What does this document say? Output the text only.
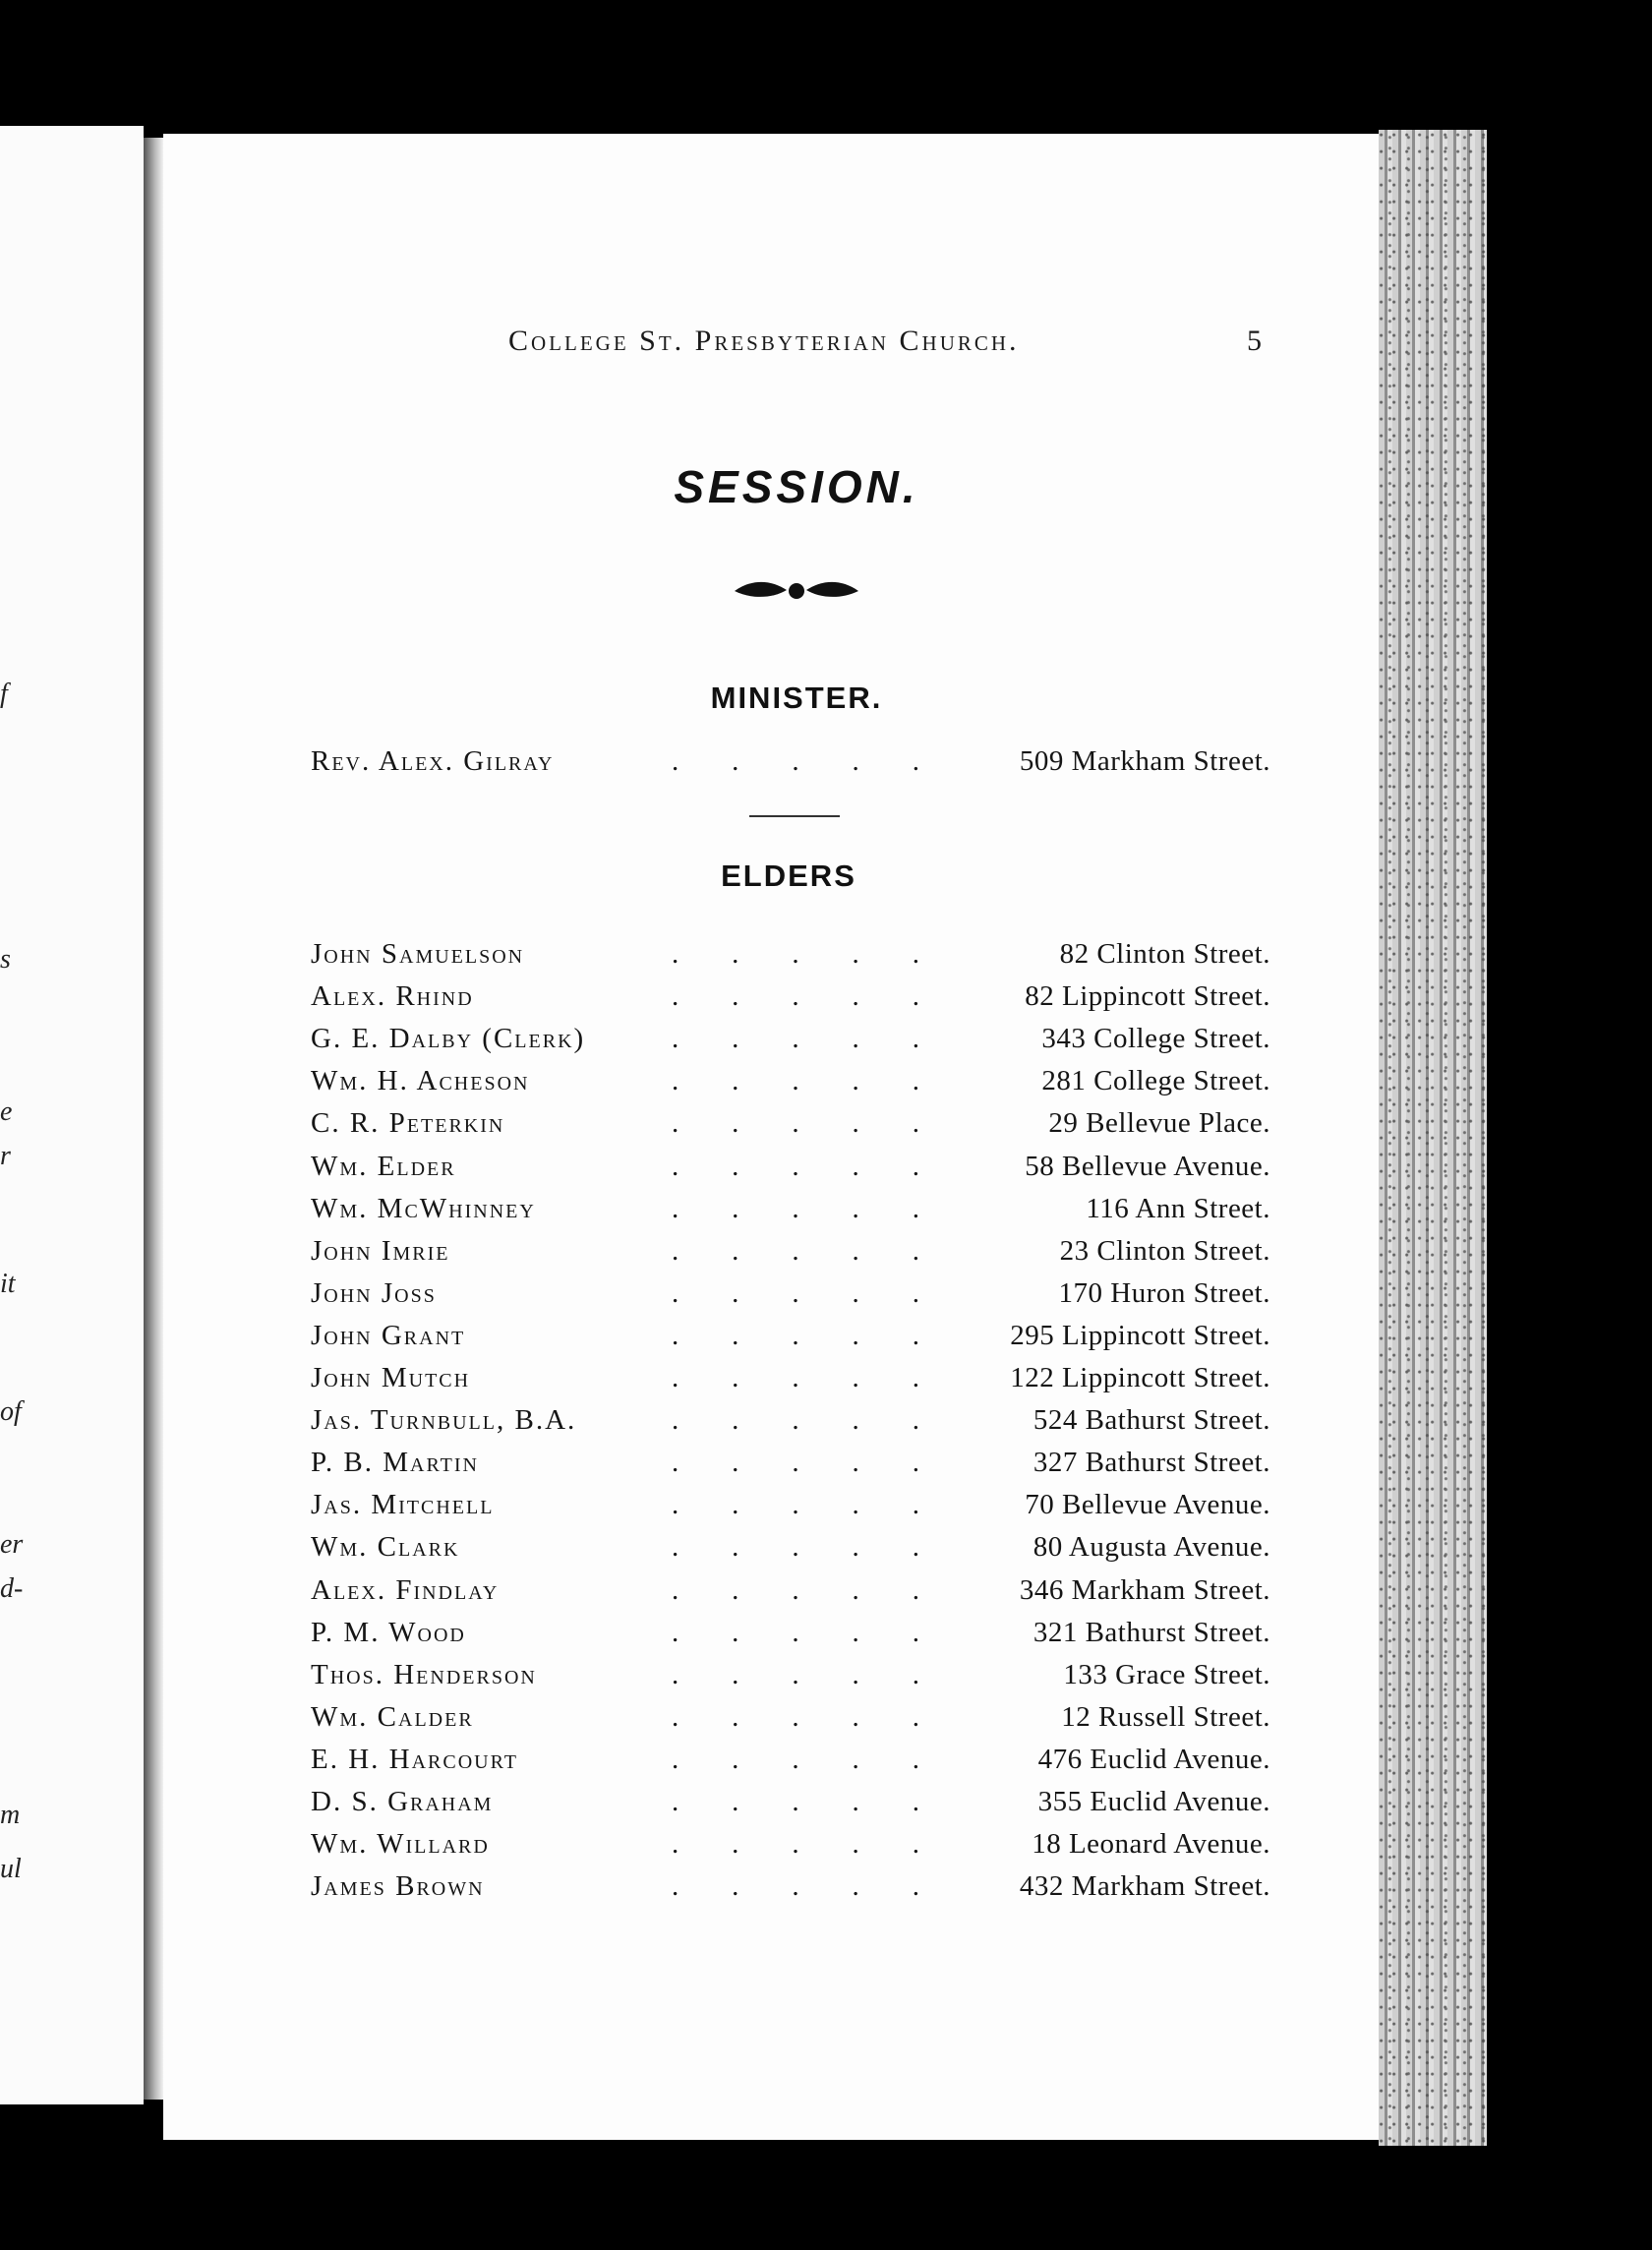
f
s
e
r
it
of
er
d-
m
ul
College St. Presbyterian Church.	5
SESSION.
MINISTER.
Rev. Alex. Gilray	. . . . .	509 Markham Street.
ELDERS
John Samuelson	. . . . .	82 Clinton Street.
Alex. Rhind	. . . . .	82 Lippincott Street.
G. E. Dalby (Clerk)	. . . . .	343 College Street.
Wm. H. Acheson	. . . . .	281 College Street.
C. R. Peterkin	. . . . .	29 Bellevue Place.
Wm. Elder	. . . . .	58 Bellevue Avenue.
Wm. McWhinney	. . . . .	116 Ann Street.
John Imrie	. . . . .	23 Clinton Street.
John Joss	. . . . .	170 Huron Street.
John Grant	. . . . .	295 Lippincott Street.
John Mutch	. . . . .	122 Lippincott Street.
Jas. Turnbull, B.A.	. . . . .	524 Bathurst Street.
P. B. Martin	. . . . .	327 Bathurst Street.
Jas. Mitchell	. . . . .	70 Bellevue Avenue.
Wm. Clark	. . . . .	80 Augusta Avenue.
Alex. Findlay	. . . . .	346 Markham Street.
P. M. Wood	. . . . .	321 Bathurst Street.
Thos. Henderson	. . . . .	133 Grace Street.
Wm. Calder	. . . . .	12 Russell Street.
E. H. Harcourt	. . . . .	476 Euclid Avenue.
D. S. Graham	. . . . .	355 Euclid Avenue.
Wm. Willard	. . . . .	18 Leonard Avenue.
James Brown	. . . . .	432 Markham Street.
